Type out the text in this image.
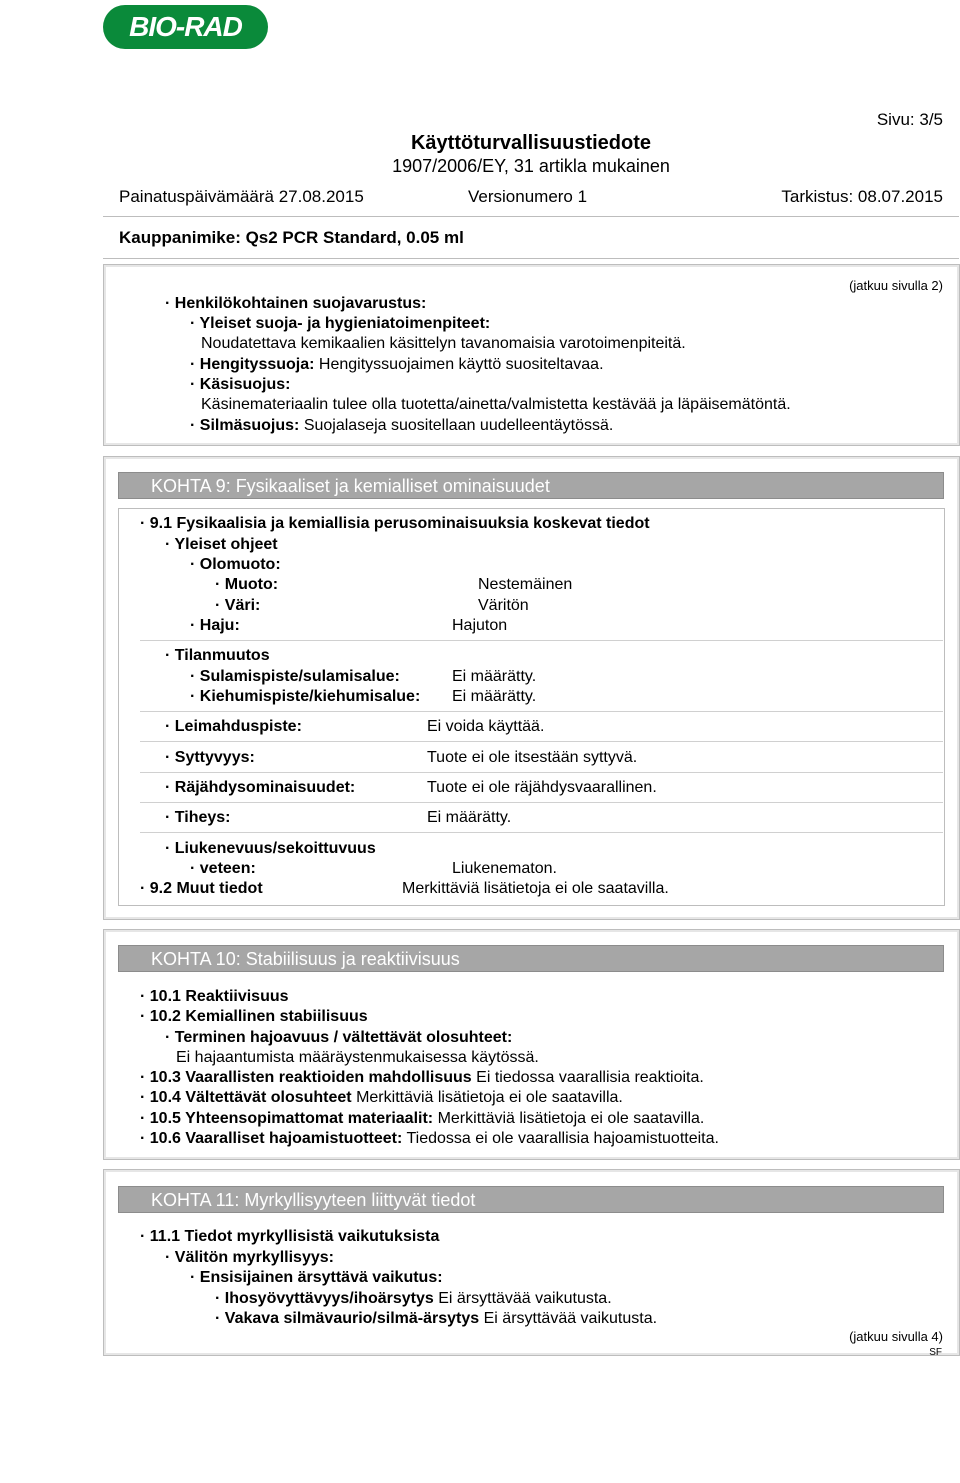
BIO-RAD
Sivu: 3/5
Käyttöturvallisuustiedote
1907/2006/EY, 31 artikla mukainen
Painatuspäivämäärä 27.08.2015	Versionumero 1	Tarkistus: 08.07.2015
Kauppanimike: Qs2 PCR Standard, 0.05 ml
(jatkuu sivulla 2)
· Henkilökohtainen suojavarustus:
· Yleiset suoja- ja hygieniatoimenpiteet:
Noudatettava kemikaalien käsittelyn tavanomaisia varotoimenpiteitä.
· Hengityssuoja: Hengityssuojaimen käyttö suositeltavaa.
· Käsisuojus:
Käsinemateriaalin tulee olla tuotetta/ainetta/valmistetta kestävää ja läpäisemätöntä.
· Silmäsuojus: Suojalaseja suositellaan uudelleentäytössä.
KOHTA 9: Fysikaaliset ja kemialliset ominaisuudet
· 9.1 Fysikaalisia ja kemiallisia perusominaisuuksia koskevat tiedot
· Yleiset ohjeet
· Olomuoto:
· Muoto:	Nestemäinen
· Väri:	Väritön
· Haju:	Hajuton
· Tilanmuutos
· Sulamispiste/sulamisalue:	Ei määrätty.
· Kiehumispiste/kiehumisalue: Ei määrätty.
· Leimahduspiste:	Ei voida käyttää.
· Syttyvyys:	Tuote ei ole itsestään syttyvä.
· Räjähdysominaisuudet:	Tuote ei ole räjähdysvaarallinen.
· Tiheys:	Ei määrätty.
· Liukenevuus/sekoittuvuus
· veteen:	Liukenematon.
· 9.2 Muut tiedot	Merkittäviä lisätietoja ei ole saatavilla.
KOHTA 10: Stabiilisuus ja reaktiivisuus
· 10.1 Reaktiivisuus
· 10.2 Kemiallinen stabiilisuus
· Terminen hajoavuus / vältettävät olosuhteet:
Ei hajaantumista määräystenmukaisessa käytössä.
· 10.3 Vaarallisten reaktioiden mahdollisuus Ei tiedossa vaarallisia reaktioita.
· 10.4 Vältettävät olosuhteet Merkittäviä lisätietoja ei ole saatavilla.
· 10.5 Yhteensopimattomat materiaalit: Merkittäviä lisätietoja ei ole saatavilla.
· 10.6 Vaaralliset hajoamistuotteet: Tiedossa ei ole vaarallisia hajoamistuotteita.
KOHTA 11: Myrkyllisyyteen liittyvät tiedot
· 11.1 Tiedot myrkyllisistä vaikutuksista
· Välitön myrkyllisyys:
· Ensisijainen ärsyttävä vaikutus:
· Ihosyövyttävyys/ihoärsytys Ei ärsyttävää vaikutusta.
· Vakava silmävaurio/silmä-ärsytys Ei ärsyttävää vaikutusta.
(jatkuu sivulla 4)
SF
